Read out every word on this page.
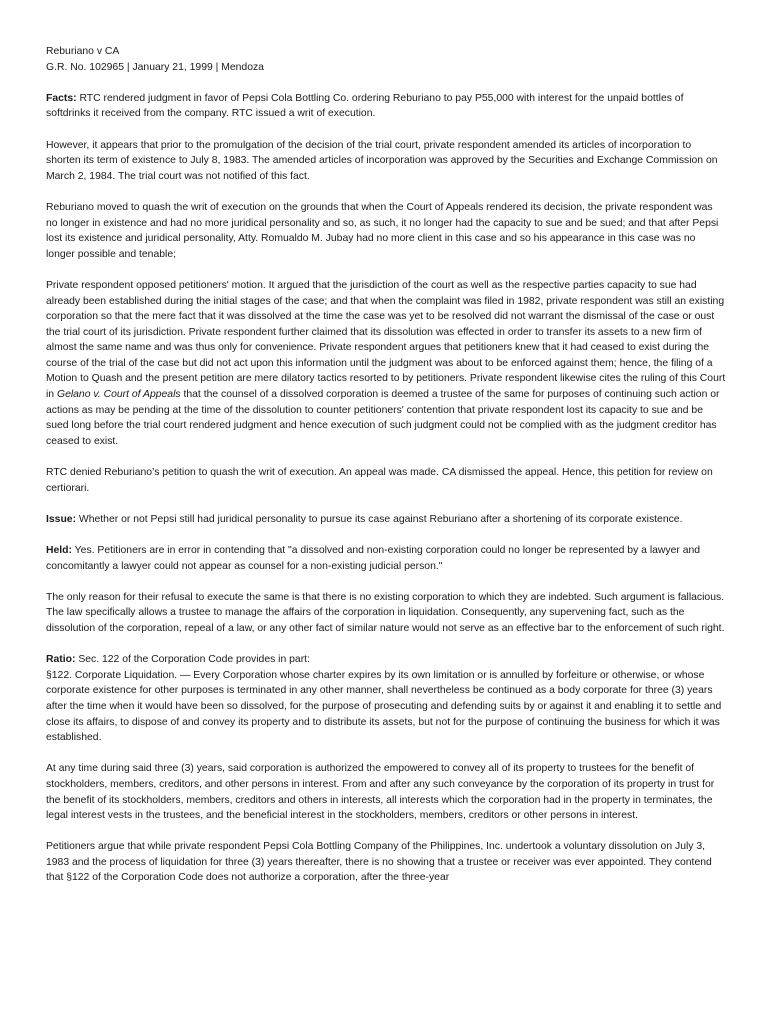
Reburiano v CA

G.R. No. 102965 | January 21, 1999 | Mendoza

Facts: RTC rendered judgment in favor of Pepsi Cola Bottling Co. ordering Reburiano to pay P55,000 with interest for the unpaid bottles of softdrinks it received from the company. RTC issued a writ of execution.

However, it appears that prior to the promulgation of the decision of the trial court, private respondent amended its articles of incorporation to shorten its term of existence to July 8, 1983. The amended articles of incorporation was approved by the Securities and Exchange Commission on March 2, 1984. The trial court was not notified of this fact.

Reburiano moved to quash the writ of execution on the grounds that when the Court of Appeals rendered its decision, the private respondent was no longer in existence and had no more juridical personality and so, as such, it no longer had the capacity to sue and be sued; and that after Pepsi lost its existence and juridical personality, Atty. Romualdo M. Jubay had no more client in this case and so his appearance in this case was no longer possible and tenable;

Private respondent opposed petitioners' motion. It argued that the jurisdiction of the court as well as the respective parties capacity to sue had already been established during the initial stages of the case; and that when the complaint was filed in 1982, private respondent was still an existing corporation so that the mere fact that it was dissolved at the time the case was yet to be resolved did not warrant the dismissal of the case or oust the trial court of its jurisdiction. Private respondent further claimed that its dissolution was effected in order to transfer its assets to a new firm of almost the same name and was thus only for convenience. Private respondent argues that petitioners knew that it had ceased to exist during the course of the trial of the case but did not act upon this information until the judgment was about to be enforced against them; hence, the filing of a Motion to Quash and the present petition are mere dilatory tactics resorted to by petitioners. Private respondent likewise cites the ruling of this Court in Gelano v. Court of Appeals that the counsel of a dissolved corporation is deemed a trustee of the same for purposes of continuing such action or actions as may be pending at the time of the dissolution to counter petitioners' contention that private respondent lost its capacity to sue and be sued long before the trial court rendered judgment and hence execution of such judgment could not be complied with as the judgment creditor has ceased to exist.

RTC denied Reburiano’s petition to quash the writ of execution. An appeal was made. CA dismissed the appeal. Hence, this petition for review on certiorari.

Issue: Whether or not Pepsi still had juridical personality to pursue its case against Reburiano after a shortening of its corporate existence.

Held: Yes. Petitioners are in error in contending that "a dissolved and non-existing corporation could no longer be represented by a lawyer and concomitantly a lawyer could not appear as counsel for a non-existing judicial person."

The only reason for their refusal to execute the same is that there is no existing corporation to which they are indebted. Such argument is fallacious. The law specifically allows a trustee to manage the affairs of the corporation in liquidation. Consequently, any supervening fact, such as the dissolution of the corporation, repeal of a law, or any other fact of similar nature would not serve as an effective bar to the enforcement of such right.

Ratio: Sec. 122 of the Corporation Code provides in part:
§122. Corporate Liquidation. — Every Corporation whose charter expires by its own limitation or is annulled by forfeiture or otherwise, or whose corporate existence for other purposes is terminated in any other manner, shall nevertheless be continued as a body corporate for three (3) years after the time when it would have been so dissolved, for the purpose of prosecuting and defending suits by or against it and enabling it to settle and close its affairs, to dispose of and convey its property and to distribute its assets, but not for the purpose of continuing the business for which it was established.

At any time during said three (3) years, said corporation is authorized the empowered to convey all of its property to trustees for the benefit of stockholders, members, creditors, and other persons in interest. From and after any such conveyance by the corporation of its property in trust for the benefit of its stockholders, members, creditors and others in interests, all interests which the corporation had in the property in terminates, the legal interest vests in the trustees, and the beneficial interest in the stockholders, members, creditors or other persons in interest.

Petitioners argue that while private respondent Pepsi Cola Bottling Company of the Philippines, Inc. undertook a voluntary dissolution on July 3, 1983 and the process of liquidation for three (3) years thereafter, there is no showing that a trustee or receiver was ever appointed. They contend that §122 of the Corporation Code does not authorize a corporation, after the three-year
